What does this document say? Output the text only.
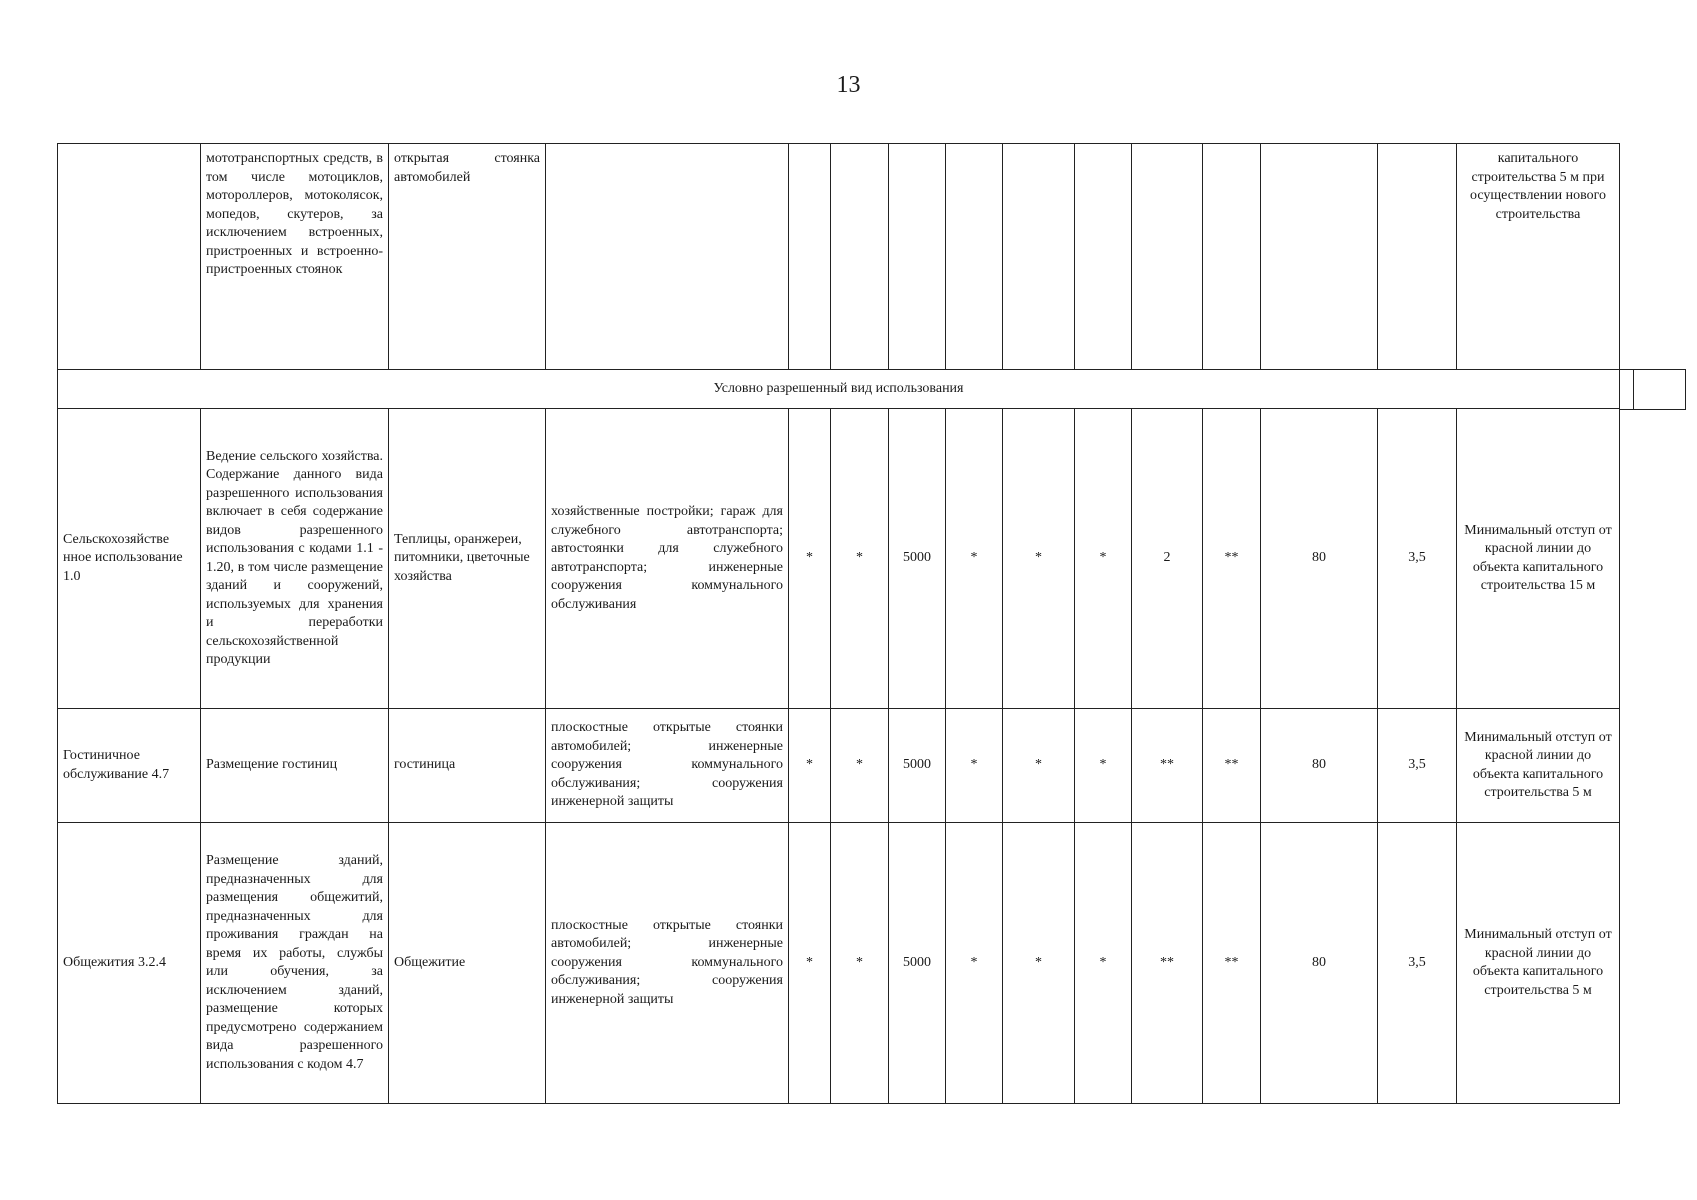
13
	мототранспортных средств, в том числе мотоциклов, мотороллеров, мотоколясок, мопедов, скутеров, за исключением встроенных, пристроенных и встроенно-пристроенных стоянок	открытая стоянка автомобилей												капитального строительства 5 м при осуществлении нового строительства
Условно разрешенный вид использования														
Сельскохозяйстве нное использование 1.0	Ведение сельского хозяйства. Содержание данного вида разрешенного использования включает в себя содержание видов разрешенного использования с кодами 1.1 - 1.20, в том числе размещение зданий и сооружений, используемых для хранения и переработки сельскохозяйственной продукции	Теплицы, оранжереи, питомники, цветочные хозяйства	хозяйственные постройки; гараж для служебного автотранспорта; автостоянки для служебного автотранспорта; инженерные сооружения коммунального обслуживания	*	*	5000	*	*	*	2	**	80	3,5	Минимальный отступ от красной линии до объекта капитального строительства 15 м
Гостиничное обслуживание 4.7	Размещение гостиниц	гостиница	плоскостные открытые стоянки автомобилей; инженерные сооружения коммунального обслуживания; сооружения инженерной защиты	*	*	5000	*	*	*	**	**	80	3,5	Минимальный отступ от красной линии до объекта капитального строительства 5 м
Общежития 3.2.4	Размещение зданий, предназначенных для размещения общежитий, предназначенных для проживания граждан на время их работы, службы или обучения, за исключением зданий, размещение которых предусмотрено содержанием вида разрешенного использования с кодом 4.7	Общежитие	плоскостные открытые стоянки автомобилей; инженерные сооружения коммунального обслуживания; сооружения инженерной защиты	*	*	5000	*	*	*	**	**	80	3,5	Минимальный отступ от красной линии до объекта капитального строительства 5 м
